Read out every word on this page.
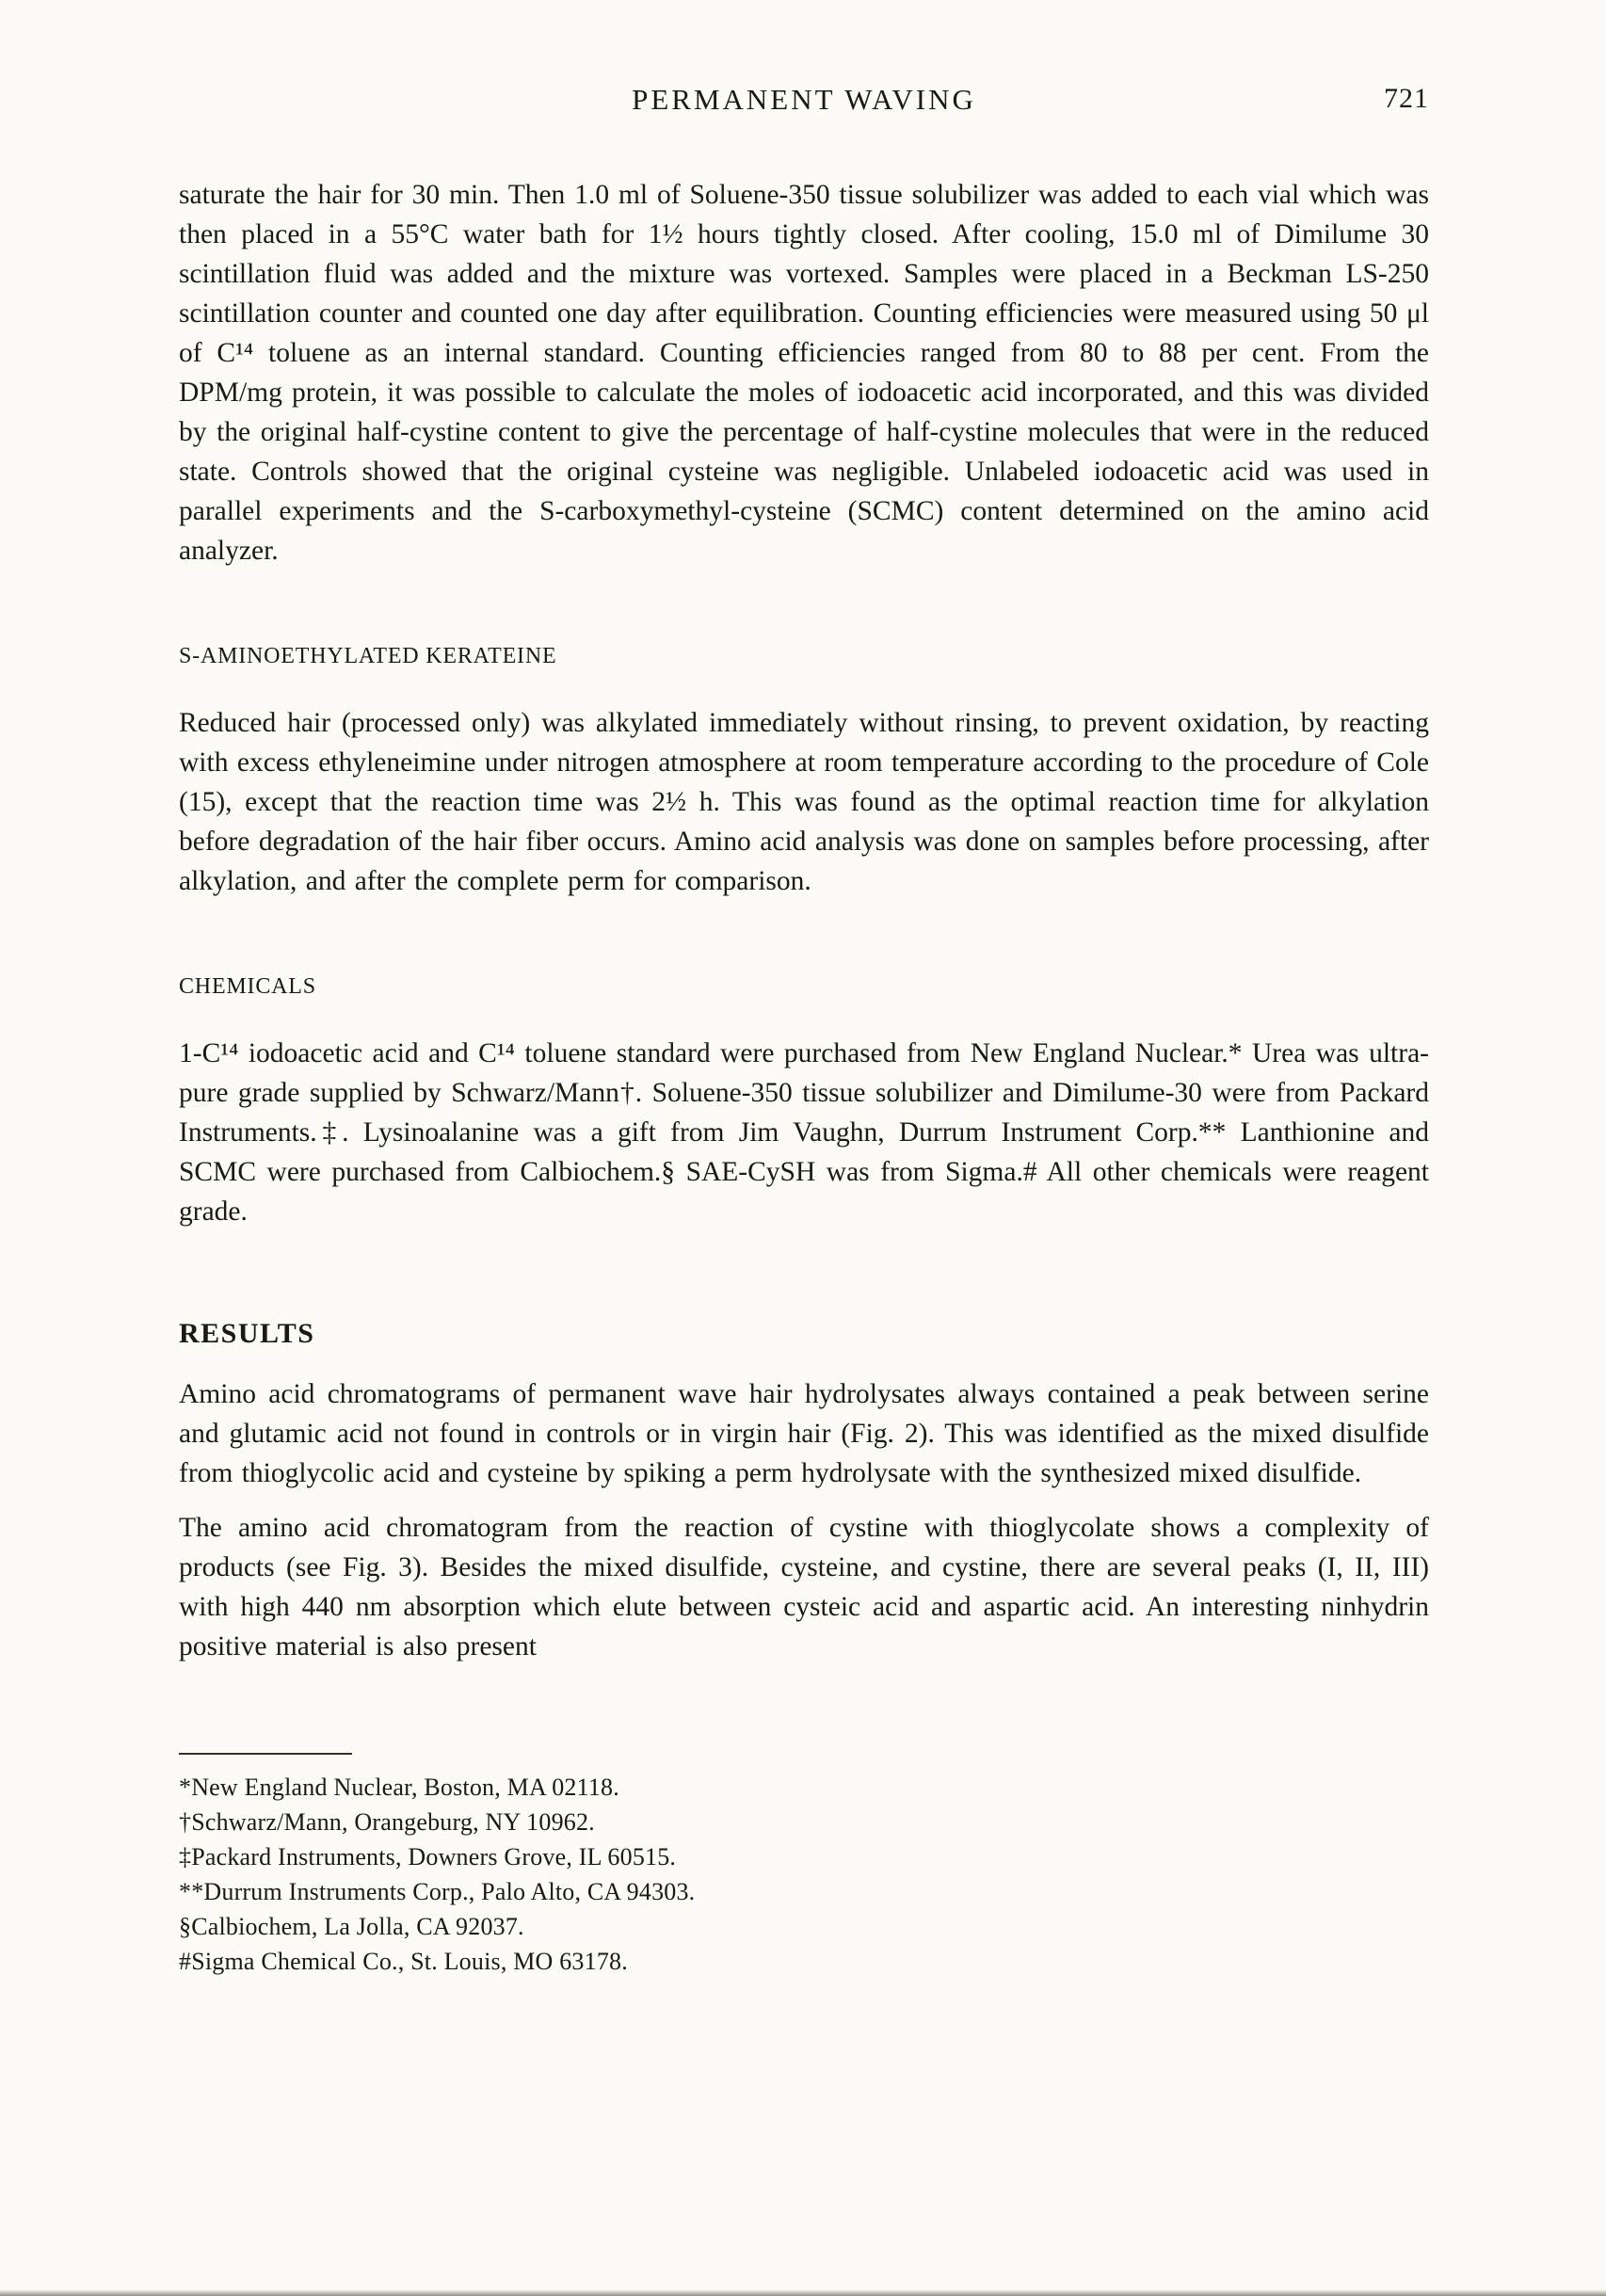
PERMANENT WAVING	721

saturate the hair for 30 min. Then 1.0 ml of Soluene-350 tissue solubilizer was added to each vial which was then placed in a 55°C water bath for 1½ hours tightly closed. After cooling, 15.0 ml of Dimilume 30 scintillation fluid was added and the mixture was vortexed. Samples were placed in a Beckman LS-250 scintillation counter and counted one day after equilibration. Counting efficiencies were measured using 50 μl of C¹⁴ toluene as an internal standard. Counting efficiencies ranged from 80 to 88 per cent. From the DPM/mg protein, it was possible to calculate the moles of iodoacetic acid incorporated, and this was divided by the original half-cystine content to give the percentage of half-cystine molecules that were in the reduced state. Controls showed that the original cysteine was negligible. Unlabeled iodoacetic acid was used in parallel experiments and the S-carboxymethyl-cysteine (SCMC) content determined on the amino acid analyzer.

S-AMINOETHYLATED KERATEINE

Reduced hair (processed only) was alkylated immediately without rinsing, to prevent oxidation, by reacting with excess ethyleneimine under nitrogen atmosphere at room temperature according to the procedure of Cole (15), except that the reaction time was 2½ h. This was found as the optimal reaction time for alkylation before degradation of the hair fiber occurs. Amino acid analysis was done on samples before processing, after alkylation, and after the complete perm for comparison.

CHEMICALS

1-C¹⁴ iodoacetic acid and C¹⁴ toluene standard were purchased from New England Nuclear.* Urea was ultra-pure grade supplied by Schwarz/Mann†. Soluene-350 tissue solubilizer and Dimilume-30 were from Packard Instruments.‡. Lysinoalanine was a gift from Jim Vaughn, Durrum Instrument Corp.** Lanthionine and SCMC were purchased from Calbiochem.§ SAE-CySH was from Sigma.# All other chemicals were reagent grade.

RESULTS

Amino acid chromatograms of permanent wave hair hydrolysates always contained a peak between serine and glutamic acid not found in controls or in virgin hair (Fig. 2). This was identified as the mixed disulfide from thioglycolic acid and cysteine by spiking a perm hydrolysate with the synthesized mixed disulfide.

The amino acid chromatogram from the reaction of cystine with thioglycolate shows a complexity of products (see Fig. 3). Besides the mixed disulfide, cysteine, and cystine, there are several peaks (I, II, III) with high 440 nm absorption which elute between cysteic acid and aspartic acid. An interesting ninhydrin positive material is also present

*New England Nuclear, Boston, MA 02118.
†Schwarz/Mann, Orangeburg, NY 10962.
‡Packard Instruments, Downers Grove, IL 60515.
**Durrum Instruments Corp., Palo Alto, CA 94303.
§Calbiochem, La Jolla, CA 92037.
#Sigma Chemical Co., St. Louis, MO 63178.
